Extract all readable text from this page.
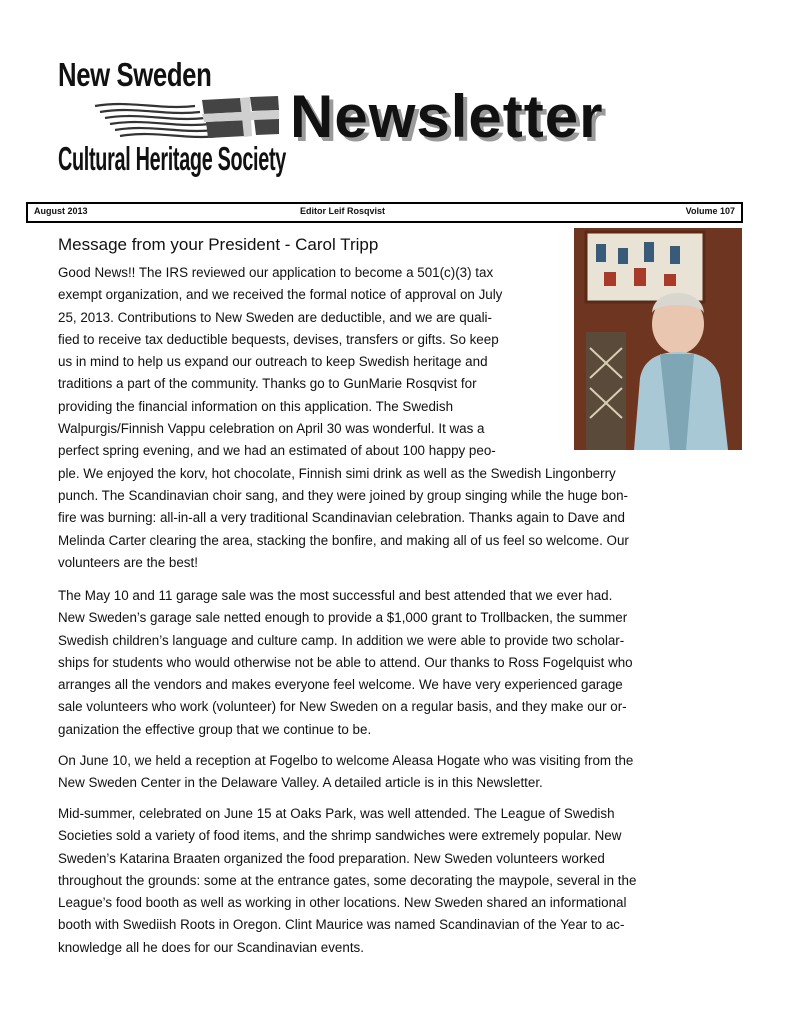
New Sweden
Cultural Heritage Society
Newsletter
August 2013	Editor Leif Rosqvist	Volume 107
Message from your President - Carol Tripp
Good News!! The IRS reviewed our application to become a 501(c)(3) tax
exempt organization, and we received the formal notice of approval on July
25, 2013. Contributions to New Sweden are deductible, and we are quali-
fied to receive tax deductible bequests, devises, transfers or gifts. So keep
us in mind to help us expand our outreach to keep Swedish heritage and
traditions a part of the community. Thanks go to GunMarie Rosqvist for
providing the financial information on this application. The Swedish
Walpurgis/Finnish Vappu celebration on April 30 was wonderful. It was a
perfect spring evening, and we had an estimated of about 100 happy peo-
ple. We enjoyed the korv, hot chocolate, Finnish simi drink as well as the Swedish Lingonberry
punch. The Scandinavian choir sang, and they were joined by group singing while the huge bon-
fire was burning: all-in-all a very traditional Scandinavian celebration. Thanks again to Dave and
Melinda Carter clearing the area, stacking the bonfire, and making all of us feel so welcome. Our
volunteers are the best!
The May 10 and 11 garage sale was the most successful and best attended that we ever had.
New Sweden’s garage sale netted enough to provide a $1,000 grant to Trollbacken, the summer
Swedish children’s language and culture camp. In addition we were able to provide two scholar-
ships for students who would otherwise not be able to attend. Our thanks to Ross Fogelquist who
arranges all the vendors and makes everyone feel welcome. We have very experienced garage
sale volunteers who work (volunteer) for New Sweden on a regular basis, and they make our or-
ganization the effective group that we continue to be.
On June 10, we held a reception at Fogelbo to welcome Aleasa Hogate who was visiting from the
New Sweden Center in the Delaware Valley. A detailed article is in this Newsletter.
Mid-summer, celebrated on June 15 at Oaks Park, was well attended. The League of Swedish
Societies sold a variety of food items, and the shrimp sandwiches were extremely popular. New
Sweden’s Katarina Braaten organized the food preparation. New Sweden volunteers worked
throughout the grounds: some at the entrance gates, some decorating the maypole, several in the
League’s food booth as well as working in other locations. New Sweden shared an informational
booth with Swediish Roots in Oregon. Clint Maurice was named Scandinavian of the Year to ac-
knowledge all he does for our Scandinavian events.
